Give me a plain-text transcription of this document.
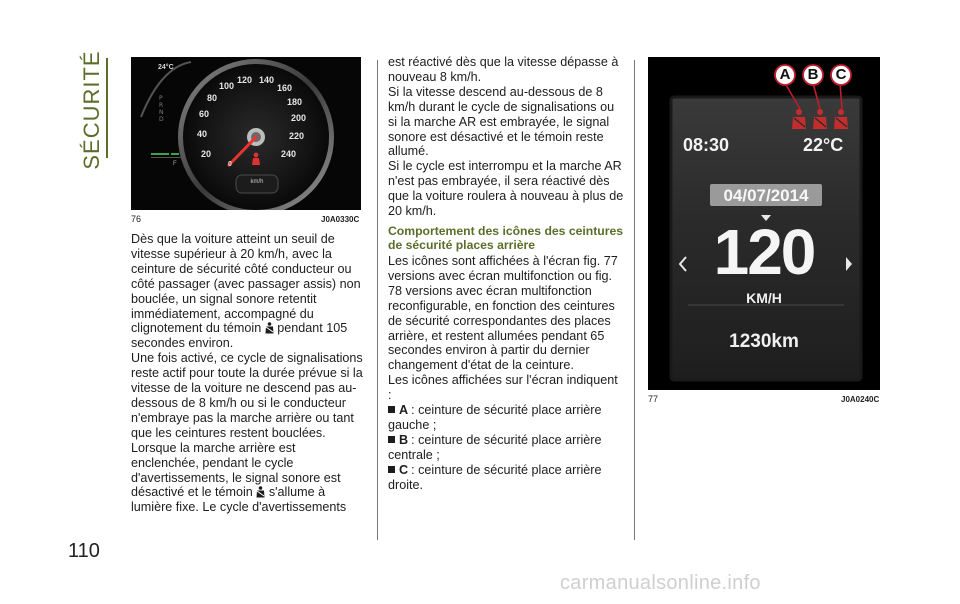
SÉCURITÉ
110
24°C
P
R
N
D
F	0
20
40
60
80
100
120 140
160
180
200
220
240
km/h
76	J0A0330C

Dès que la voiture atteint un seuil de vitesse supérieur à 20 km/h, avec la ceinture de sécurité côté conducteur ou côté passager (avec passager assis) non bouclée, un signal sonore retentit immédiatement, accompagné du clignotement du témoin pendant 105 secondes environ.

Une fois activé, ce cycle de signalisations reste actif pour toute la durée prévue si la vitesse de la voiture ne descend pas au-dessous de 8 km/h ou si le conducteur n'embraye pas la marche arrière ou tant que les ceintures restent bouclées.

Lorsque la marche arrière est enclenchée, pendant le cycle d'avertissements, le signal sonore est désactivé et le témoin s'allume à lumière fixe. Le cycle d'avertissements

est réactivé dès que la vitesse dépasse à nouveau 8 km/h.

Si la vitesse descend au-dessous de 8 km/h durant le cycle de signalisations ou si la marche AR est embrayée, le signal sonore est désactivé et le témoin reste allumé.

Si le cycle est interrompu et la marche AR n'est pas embrayée, il sera réactivé dès que la voiture roulera à nouveau à plus de 20 km/h.

Comportement des icônes des ceintures de sécurité places arrière

Les icônes sont affichées à l'écran fig. 77 versions avec écran multifonction ou fig. 78 versions avec écran multifonction reconfigurable, en fonction des ceintures de sécurité correspondantes des places arrière, et restent allumées pendant 65 secondes environ à partir du dernier changement d'état de la ceinture.

Les icônes affichées sur l'écran indiquent :

A : ceinture de sécurité place arrière gauche ;

B : ceinture de sécurité place arrière centrale ;

C : ceinture de sécurité place arrière droite.

A B C
08:30	22°C
04/07/2014
120
KM/H
1230km
77	J0A0240C
carmanualsonline.info
